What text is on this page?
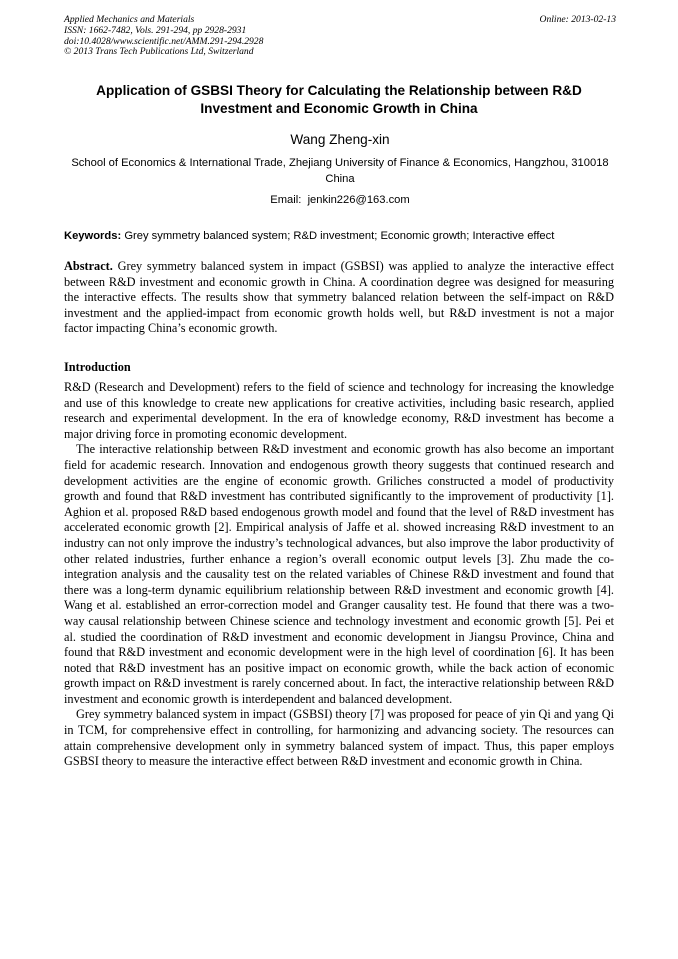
Applied Mechanics and Materials
ISSN: 1662-7482, Vols. 291-294, pp 2928-2931
doi:10.4028/www.scientific.net/AMM.291-294.2928
© 2013 Trans Tech Publications Ltd, Switzerland
Online: 2013-02-13
Application of GSBSI Theory for Calculating the Relationship between R&D Investment and Economic Growth in China
Wang Zheng-xin
School of Economics & International Trade, Zhejiang University of Finance & Economics, Hangzhou, 310018 China
Email: jenkin226@163.com
Keywords: Grey symmetry balanced system; R&D investment; Economic growth; Interactive effect

Abstract. Grey symmetry balanced system in impact (GSBSI) was applied to analyze the interactive effect between R&D investment and economic growth in China. A coordination degree was designed for measuring the interactive effects. The results show that symmetry balanced relation between the self-impact on R&D investment and the applied-impact from economic growth holds well, but R&D investment is not a major factor impacting China’s economic growth.

Introduction

R&D (Research and Development) refers to the field of science and technology for increasing the knowledge and use of this knowledge to create new applications for creative activities, including basic research, applied research and experimental development. In the era of knowledge economy, R&D investment has become a major driving force in promoting economic development.

The interactive relationship between R&D investment and economic growth has also become an important field for academic research. Innovation and endogenous growth theory suggests that continued research and development activities are the engine of economic growth. Griliches constructed a model of productivity growth and found that R&D investment has contributed significantly to the improvement of productivity [1]. Aghion et al. proposed R&D based endogenous growth model and found that the level of R&D investment has accelerated economic growth [2]. Empirical analysis of Jaffe et al. showed increasing R&D investment to an industry can not only improve the industry’s technological advances, but also improve the labor productivity of other related industries, further enhance a region’s overall economic output levels [3]. Zhu made the co-integration analysis and the causality test on the related variables of Chinese R&D investment and found that there was a long-term dynamic equilibrium relationship between R&D investment and economic growth [4]. Wang et al. established an error-correction model and Granger causality test. He found that there was a two-way causal relationship between Chinese science and technology investment and economic growth [5]. Pei et al. studied the coordination of R&D investment and economic development in Jiangsu Province, China and found that R&D investment and economic development were in the high level of coordination [6]. It has been noted that R&D investment has an positive impact on economic growth, while the back action of economic growth impact on R&D investment is rarely concerned about. In fact, the interactive relationship between R&D investment and economic growth is interdependent and balanced development.

Grey symmetry balanced system in impact (GSBSI) theory [7] was proposed for peace of yin Qi and yang Qi in TCM, for comprehensive effect in controlling, for harmonizing and advancing society. The resources can attain comprehensive development only in symmetry balanced system of impact. Thus, this paper employs GSBSI theory to measure the interactive effect between R&D investment and economic growth in China.
